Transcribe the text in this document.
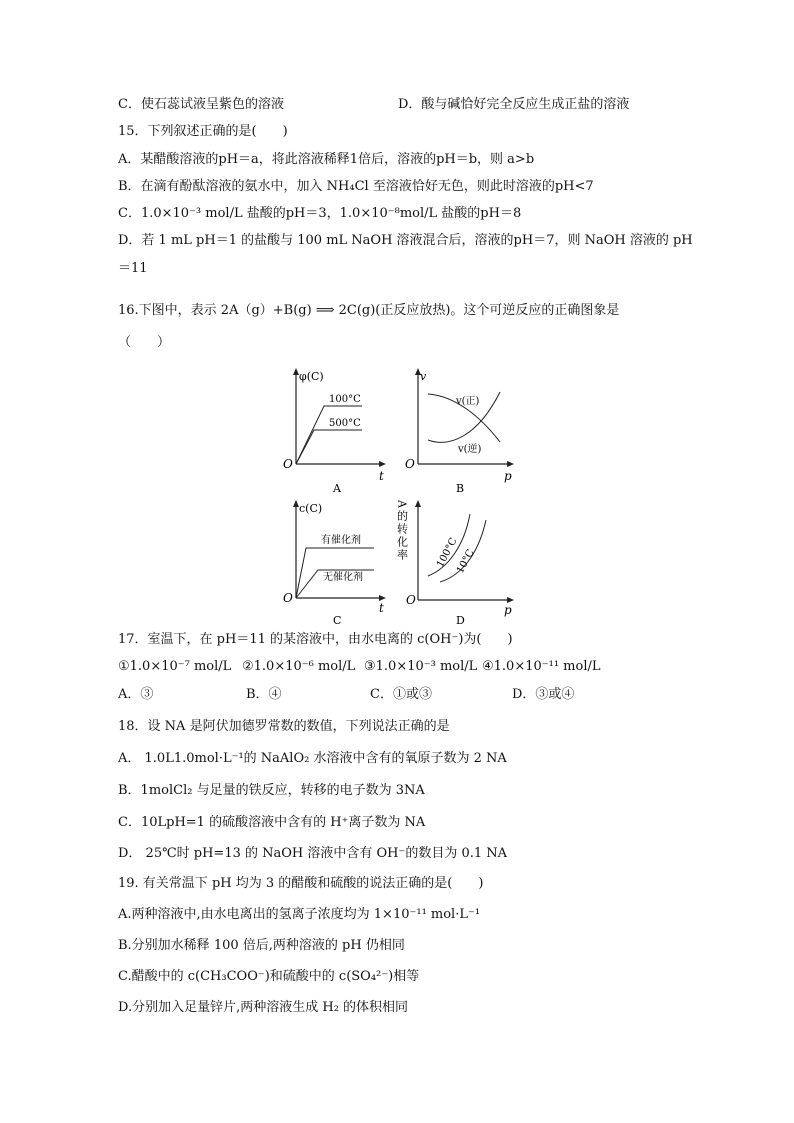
C．使石蕊试液呈紫色的溶液	D．酸与碱恰好完全反应生成正盐的溶液
15．下列叙述正确的是(　　)
A．某醋酸溶液的pH＝a，将此溶液稀释1倍后，溶液的pH＝b，则 a>b
B．在滴有酚酞溶液的氨水中，加入 NH₄Cl 至溶液恰好无色，则此时溶液的pH<7
C．1.0×10⁻³ mol/L 盐酸的pH＝3，1.0×10⁻⁸mol/L 盐酸的pH＝8
D．若 1 mL pH＝1 的盐酸与 100 mL NaOH 溶液混合后，溶液的pH＝7，则 NaOH 溶液的 pH
＝11
16.下图中，表示 2A（g）+B(g) ⟹ 2C(g)(正反应放热)。这个可逆反应的正确图象是
（　　）
φ(C)
O
t
100°C
500°C
A
v
O
p
v(正)
v(逆)
B
c(C)
O
t
有催化剂
无催化剂
C
A的转化率
O
p
100°C
10°C
D
17．室温下，在 pH＝11 的某溶液中，由水电离的 c(OH⁻)为(　　)
①1.0×10⁻⁷ mol/L ②1.0×10⁻⁶ mol/L ③1.0×10⁻³ mol/L ④1.0×10⁻¹¹ mol/L
A．③	B．④	C．①或③	D．③或④
18．设 NA 是阿伏加德罗常数的数值，下列说法正确的是
A． 1.0L1.0mol·L⁻¹的 NaAlO₂ 水溶液中含有的氧原子数为 2 NA
B．1molCl₂ 与足量的铁反应，转移的电子数为 3NA
C．10LpH=1 的硫酸溶液中含有的 H⁺离子数为 NA
D． 25℃时 pH=13 的 NaOH 溶液中含有 OH⁻的数目为 0.1 NA
19. 有关常温下 pH 均为 3 的醋酸和硫酸的说法正确的是(　　)
A.两种溶液中,由水电离出的氢离子浓度均为 1×10⁻¹¹ mol·L⁻¹
B.分别加水稀释 100 倍后,两种溶液的 pH 仍相同
C.醋酸中的 c(CH₃COO⁻)和硫酸中的 c(SO₄²⁻)相等
D.分别加入足量锌片,两种溶液生成 H₂ 的体积相同
